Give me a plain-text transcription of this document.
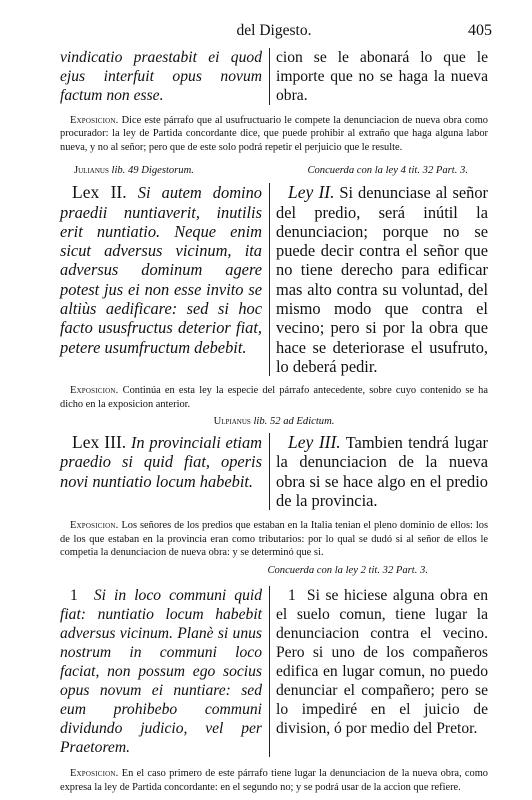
del Digesto.	405

vindicatio praestabit ei quod ejus interfuit opus novum factum non esse.

cion se le abonará lo que le importe que no se haga la nueva obra.

Exposicion. Dice este párrafo que al usufructuario le compete la denunciacion de nueva obra como procurador: la ley de Partida concordante dice, que puede prohibir al extraño que haga alguna labor nueva, y no al señor; pero que de este solo podrá repetir el perjuicio que le resulte.

Julianus lib. 49 Digestorum.	Concuerda con la ley 4 tit. 32 Part. 3.

Lex II. Si autem domino praedii nuntiaverit, inutilis erit nuntiatio. Neque enim sicut adversus vicinum, ita adversus dominum agere potest jus ei non esse invito se altiùs aedificare: sed si hoc facto ususfructus deterior fiat, petere usumfructum debebit.

Ley II. Si denunciase al señor del predio, será inútil la denunciacion; porque no se puede decir contra el señor que no tiene derecho para edificar mas alto contra su voluntad, del mismo modo que contra el vecino; pero si por la obra que hace se deteriorase el usufruto, lo deberá pedir.

Exposicion. Continúa en esta ley la especie del párrafo antecedente, sobre cuyo contenido se ha dicho en la exposicion anterior.

Ulpianus lib. 52 ad Edictum.

Lex III. In provinciali etiam praedio si quid fiat, operis novi nuntiatio locum habebit.

Ley III. Tambien tendrá lugar la denunciacion de la nueva obra si se hace algo en el predio de la provincia.

Exposicion. Los señores de los predios que estaban en la Italia tenian el pleno dominio de ellos: los de los que estaban en la provincia eran como tributarios: por lo qual se dudó si al señor de ellos le competia la denunciacion de nueva obra: y se determinó que si.

Concuerda con la ley 2 tit. 32 Part. 3.

1 Si in loco communi quid fiat: nuntiatio locum habebit adversus vicinum. Planè si unus nostrum in communi loco faciat, non possum ego socius opus novum ei nuntiare: sed eum prohibebo communi dividundo judicio, vel per Praetorem.

1 Si se hiciese alguna obra en el suelo comun, tiene lugar la denunciacion contra el vecino. Pero si uno de los compañeros edifica en lugar comun, no puedo denunciar el compañero; pero se lo impediré en el juicio de division, ó por medio del Pretor.

Exposicion. En el caso primero de este párrafo tiene lugar la denunciacion de la nueva obra, como expresa la ley de Partida concordante: en el segundo no; y se podrá usar de la accion que refiere.
